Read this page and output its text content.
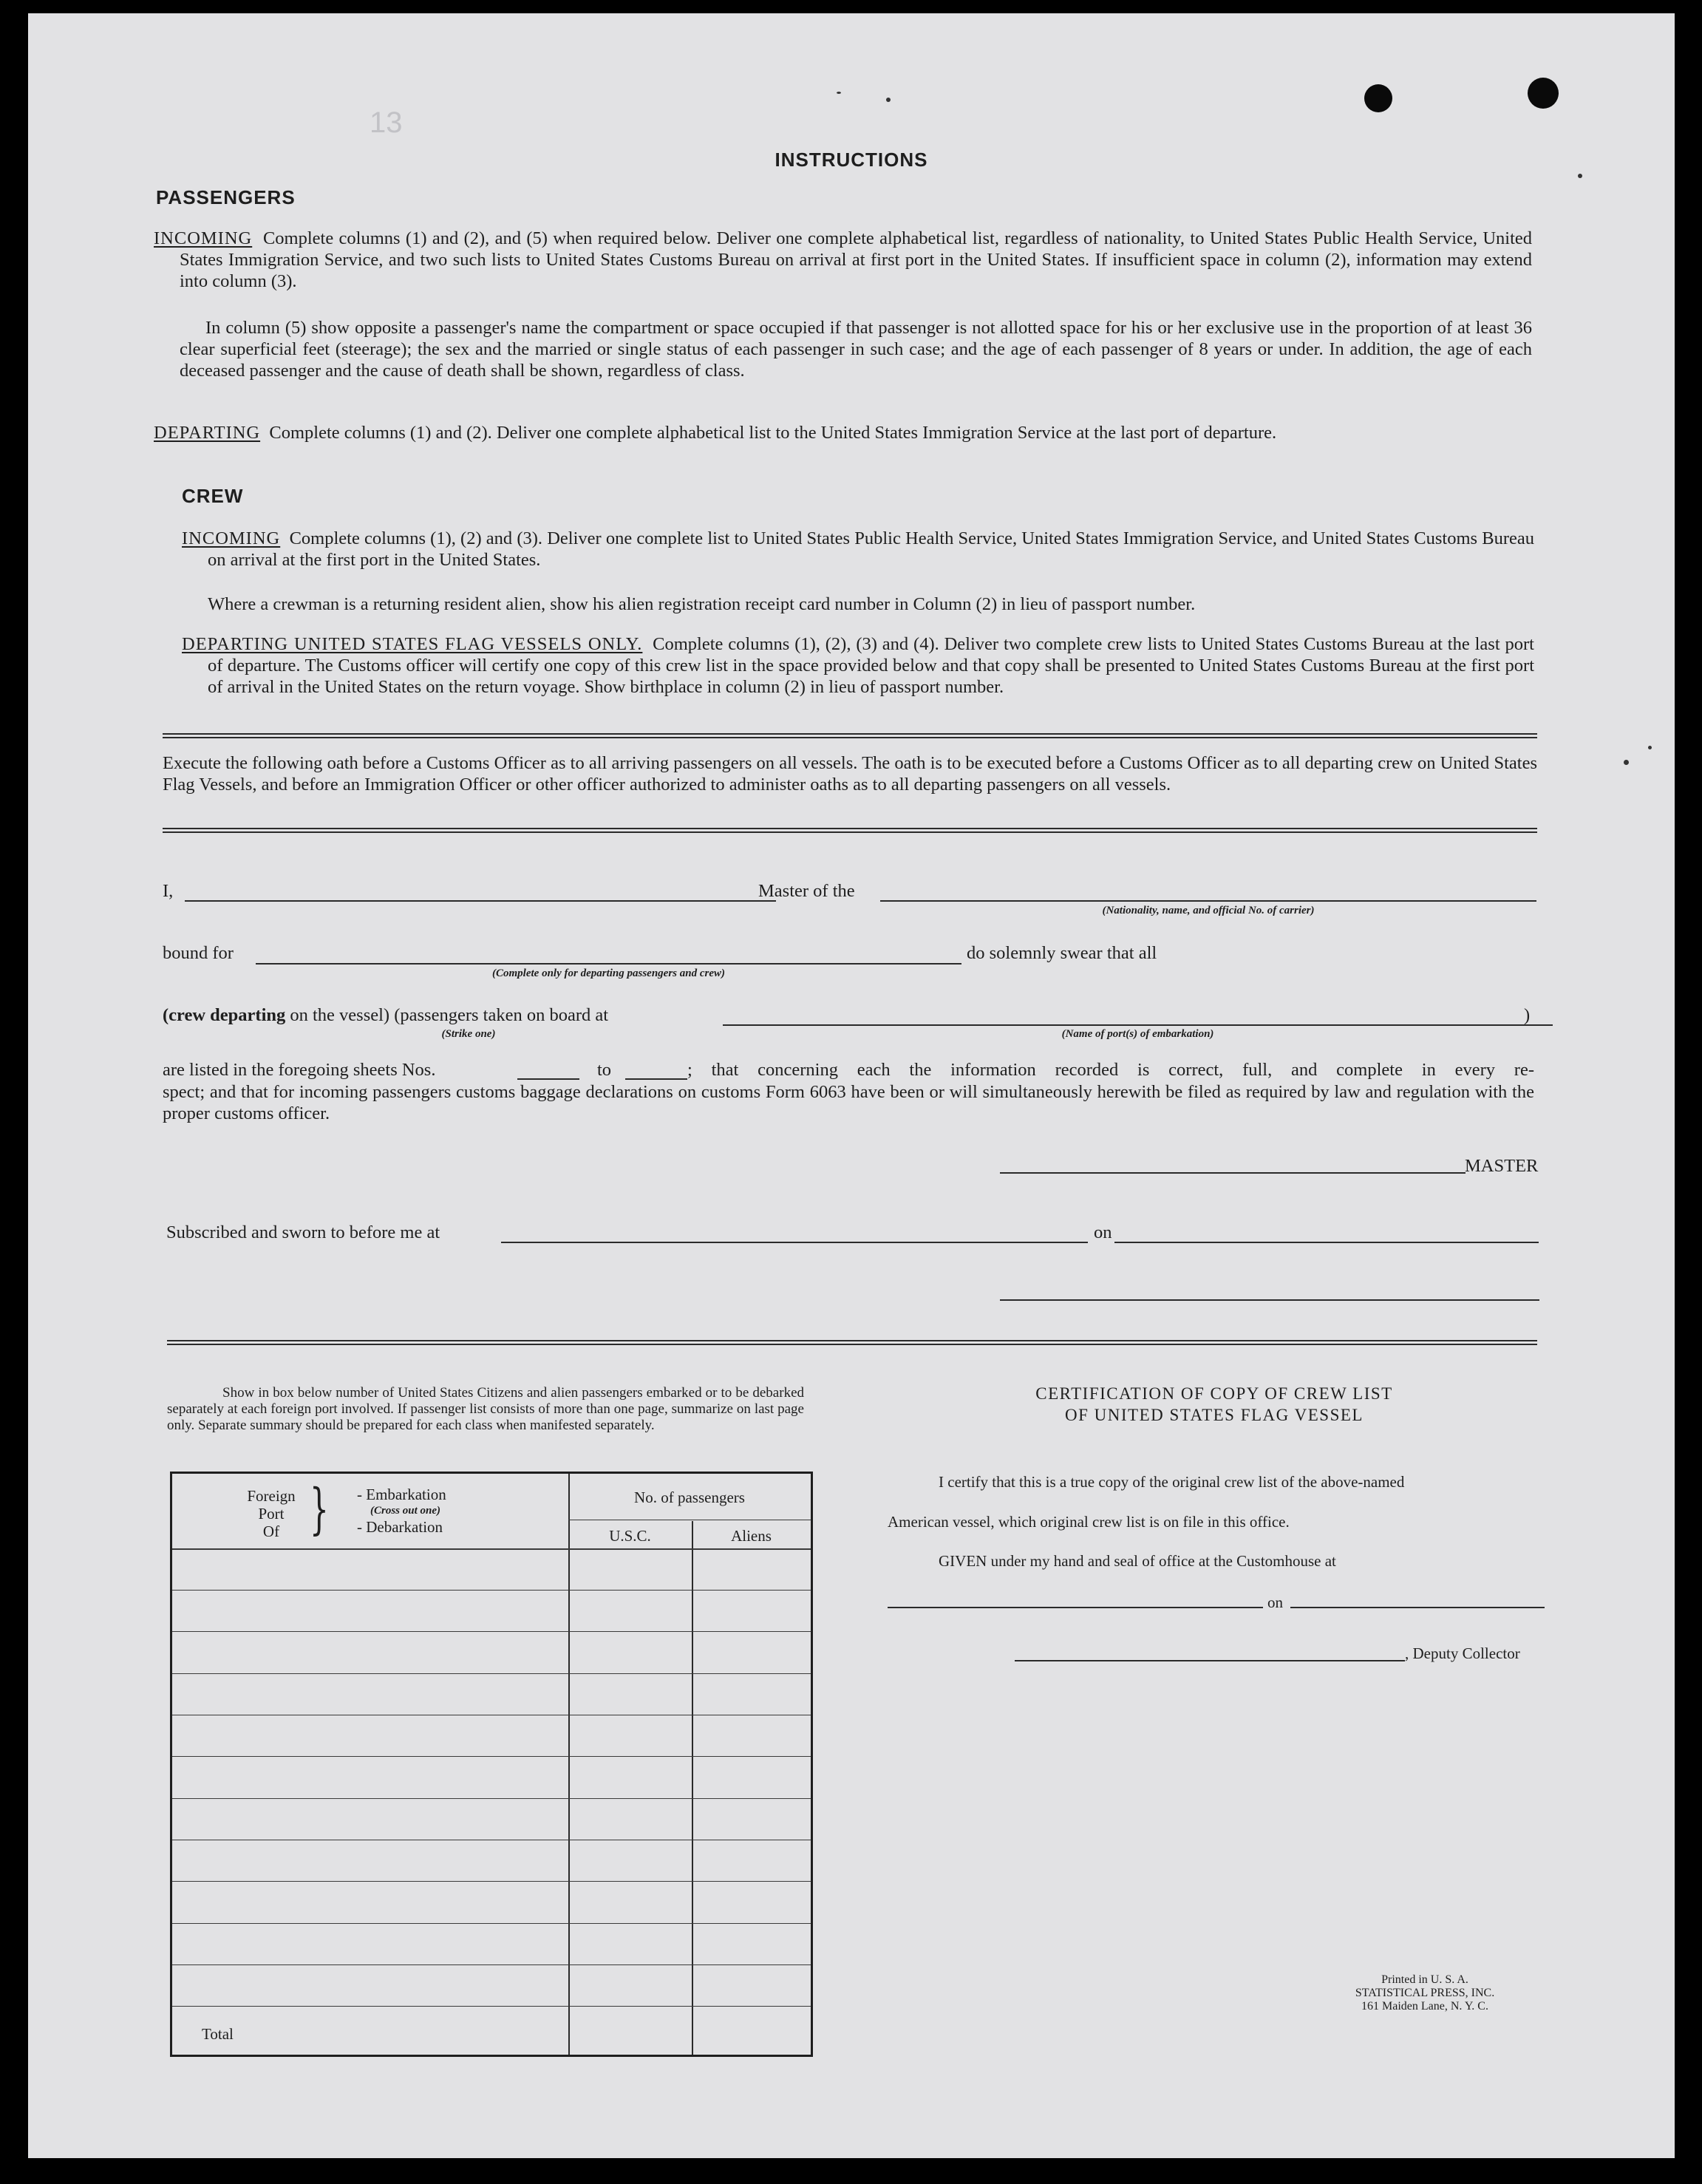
13
INSTRUCTIONS
PASSENGERS
INCOMING Complete columns (1) and (2), and (5) when required below. Deliver one complete alphabetical list, regardless of nationality, to United States Public Health Service, United States Immigration Service, and two such lists to United States Customs Bureau on arrival at first port in the United States. If insufficient space in column (2), information may extend into column (3).
In column (5) show opposite a passenger's name the compartment or space occupied if that passenger is not allotted space for his or her exclusive use in the proportion of at least 36 clear superficial feet (steerage); the sex and the married or single status of each passenger in such case; and the age of each passenger of 8 years or under. In addition, the age of each deceased passenger and the cause of death shall be shown, regardless of class.
DEPARTING Complete columns (1) and (2). Deliver one complete alphabetical list to the United States Immigration Service at the last port of departure.
CREW
INCOMING Complete columns (1), (2) and (3). Deliver one complete list to United States Public Health Service, United States Immigration Service, and United States Customs Bureau on arrival at the first port in the United States.
Where a crewman is a returning resident alien, show his alien registration receipt card number in Column (2) in lieu of passport number.
DEPARTING UNITED STATES FLAG VESSELS ONLY. Complete columns (1), (2), (3) and (4). Deliver two complete crew lists to United States Customs Bureau at the last port of departure. The Customs officer will certify one copy of this crew list in the space provided below and that copy shall be presented to United States Customs Bureau at the first port of arrival in the United States on the return voyage. Show birthplace in column (2) in lieu of passport number.
Execute the following oath before a Customs Officer as to all arriving passengers on all vessels. The oath is to be executed before a Customs Officer as to all departing crew on United States Flag Vessels, and before an Immigration Officer or other officer authorized to administer oaths as to all departing passengers on all vessels.
I,	Master of the
(Nationality, name, and official No. of carrier)
bound for
(Complete only for departing passengers and crew)
do solemnly swear that all
(crew departing on the vessel) (passengers taken on board at
(Strike one)	(Name of port(s) of embarkation)
)
are listed in the foregoing sheets Nos.	to	; that concerning each the information recorded is correct, full, and complete in every re-
spect; and that for incoming passengers customs baggage declarations on customs Form 6063 have been or will simultaneously herewith be filed as required by law and regulation with the proper customs officer.
MASTER
Subscribed and sworn to before me at	on
Show in box below number of United States Citizens and alien passengers embarked or to be debarked separately at each foreign port involved. If passenger list consists of more than one page, summarize on last page only. Separate summary should be prepared for each class when manifested separately.
Foreign
Port
Of } - Embarkation
(Cross out one)
- Debarkation
No. of passengers
U.S.C.	Aliens
Total
CERTIFICATION OF COPY OF CREW LIST
OF UNITED STATES FLAG VESSEL
I certify that this is a true copy of the original crew list of the above-named
American vessel, which original crew list is on file in this office.
GIVEN under my hand and seal of office at the Customhouse at
on
, Deputy Collector
Printed in U. S. A.
STATISTICAL PRESS, INC.
161 Maiden Lane, N. Y. C.
